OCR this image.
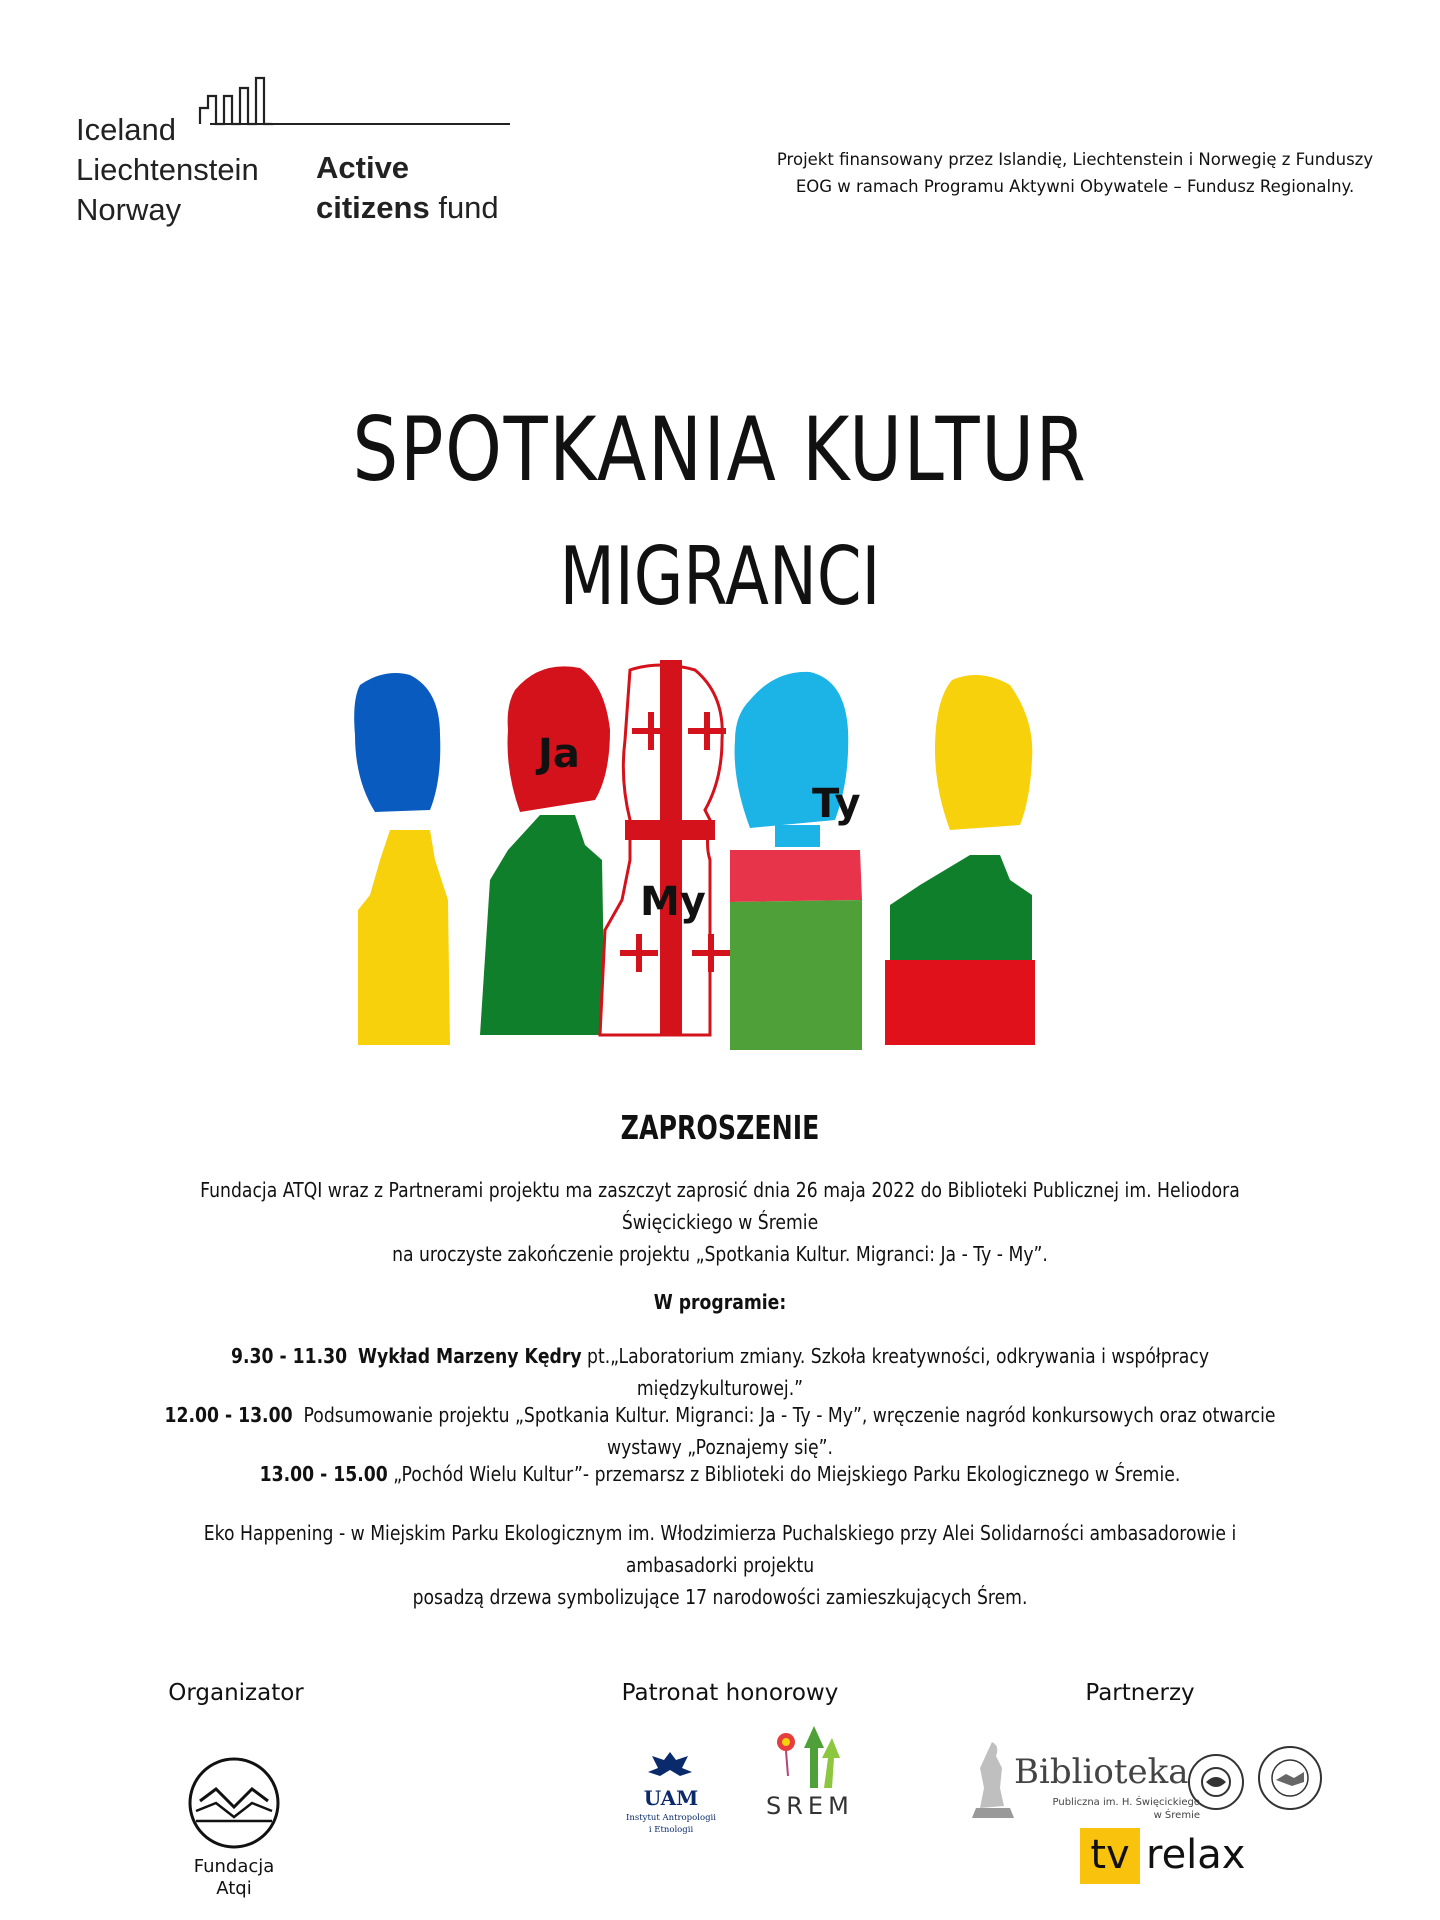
Iceland
Liechtenstein
Norway
Active
citizens fund
Projekt finansowany przez Islandię, Liechtenstein i Norwegię z Funduszy
EOG w ramach Programu Aktywni Obywatele – Fundusz Regionalny.
SPOTKANIA KULTUR
MIGRANCI
Ja
My
Ty
ZAPROSZENIE
Fundacja ATQI wraz z Partnerami projektu ma zaszczyt zaprosić dnia 26 maja 2022 do Biblioteki Publicznej im. Heliodora Święcickiego w Śremie
na uroczyste zakończenie projektu „Spotkania Kultur. Migranci: Ja - Ty - My”.
W programie:
9.30 - 11.30 Wykład Marzeny Kędry pt.„Laboratorium zmiany. Szkoła kreatywności, odkrywania i współpracy międzykulturowej.”
12.00 - 13.00  Podsumowanie projektu „Spotkania Kultur. Migranci: Ja - Ty - My”, wręczenie nagród konkursowych oraz otwarcie wystawy „Poznajemy się”.
13.00 - 15.00 „Pochód Wielu Kultur”- przemarsz z Biblioteki do Miejskiego Parku Ekologicznego w Śremie.
Eko Happening - w Miejskim Parku Ekologicznym im. Włodzimierza Puchalskiego przy Alei Solidarności ambasadorowie i ambasadorki projektu
posadzą drzewa symbolizujące 17 narodowości zamieszkujących Śrem.
Organizator	Patronat honorowy	Partnerzy
Fundacja
Atqi
UAM
Instytut Antropologii
i Etnologii
SREM
Biblioteka
Publiczna im. H. Święcickiego
w Śremie
tv relax
